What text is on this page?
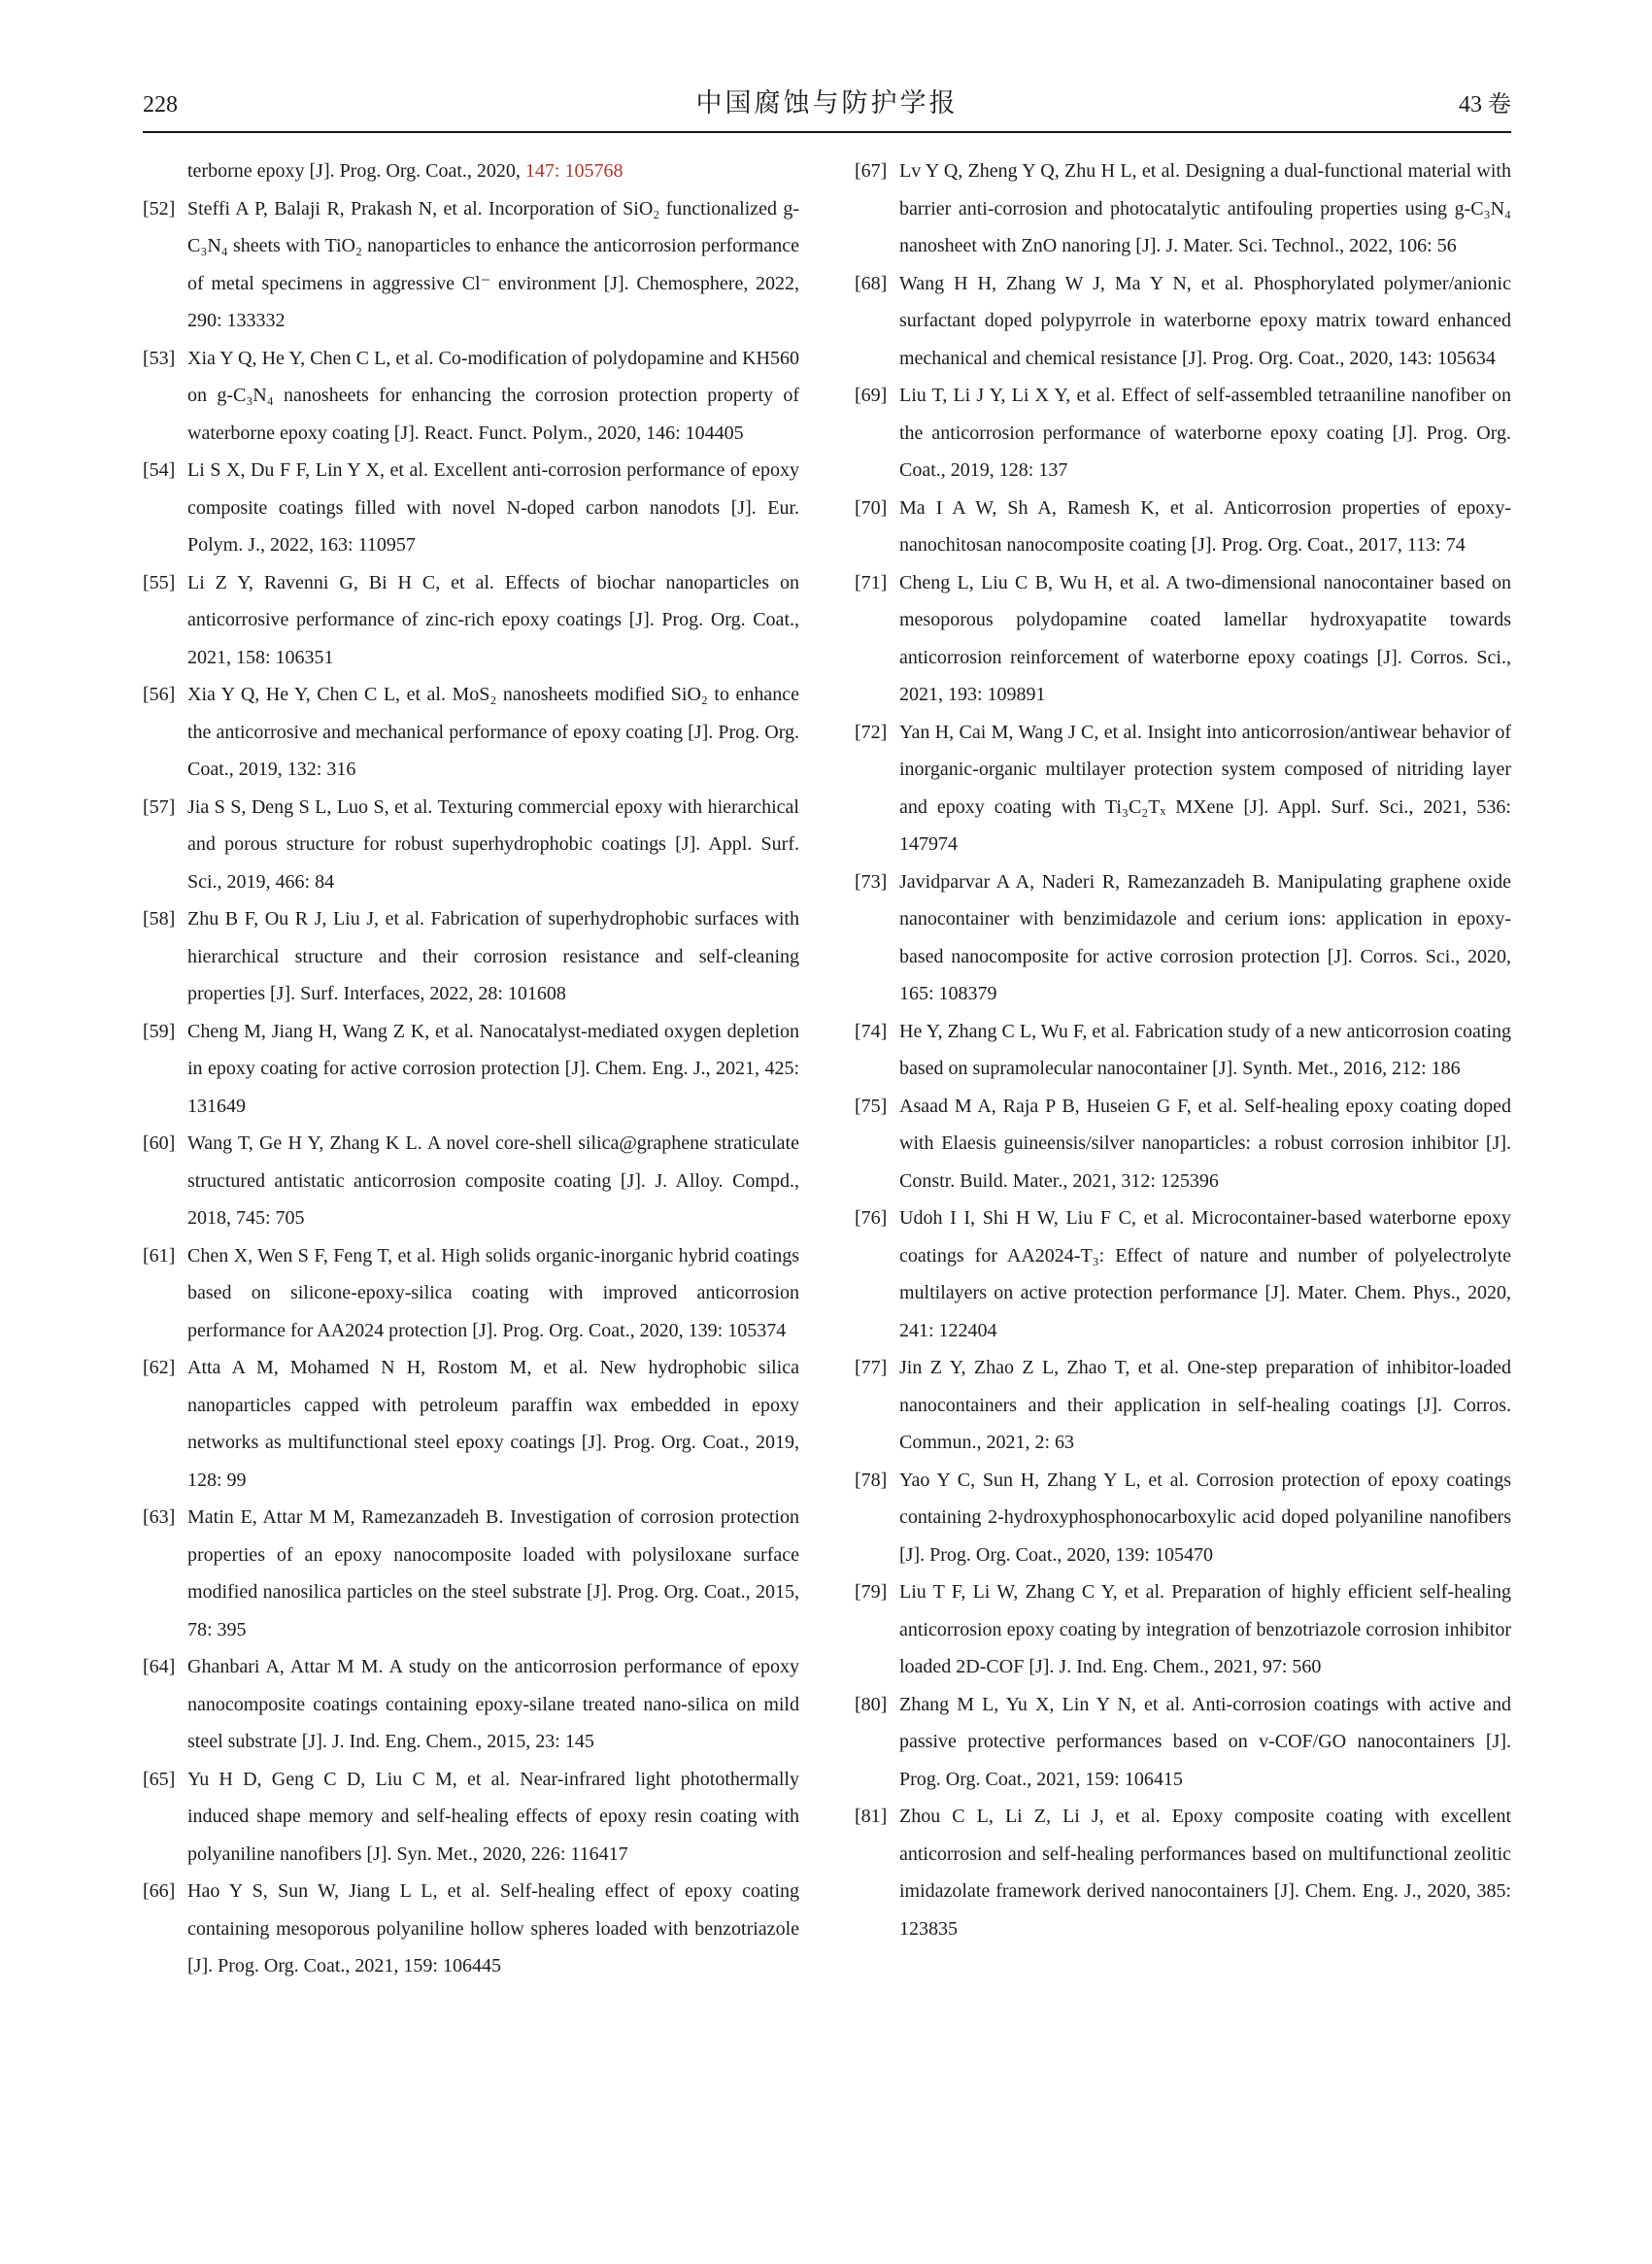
228	中国腐蚀与防护学报	43 卷
terborne epoxy [J]. Prog. Org. Coat., 2020, 147: 105768
[52] Steffi A P, Balaji R, Prakash N, et al. Incorporation of SiO₂ functionalized g-C₃N₄ sheets with TiO₂ nanoparticles to enhance the anticorrosion performance of metal specimens in aggressive Cl⁻ environment [J]. Chemosphere, 2022, 290: 133332
[53] Xia Y Q, He Y, Chen C L, et al. Co-modification of polydopamine and KH560 on g-C₃N₄ nanosheets for enhancing the corrosion protection property of waterborne epoxy coating [J]. React. Funct. Polym., 2020, 146: 104405
[54] Li S X, Du F F, Lin Y X, et al. Excellent anti-corrosion performance of epoxy composite coatings filled with novel N-doped carbon nanodots [J]. Eur. Polym. J., 2022, 163: 110957
[55] Li Z Y, Ravenni G, Bi H C, et al. Effects of biochar nanoparticles on anticorrosive performance of zinc-rich epoxy coatings [J]. Prog. Org. Coat., 2021, 158: 106351
[56] Xia Y Q, He Y, Chen C L, et al. MoS₂ nanosheets modified SiO₂ to enhance the anticorrosive and mechanical performance of epoxy coating [J]. Prog. Org. Coat., 2019, 132: 316
[57] Jia S S, Deng S L, Luo S, et al. Texturing commercial epoxy with hierarchical and porous structure for robust superhydrophobic coatings [J]. Appl. Surf. Sci., 2019, 466: 84
[58] Zhu B F, Ou R J, Liu J, et al. Fabrication of superhydrophobic surfaces with hierarchical structure and their corrosion resistance and self-cleaning properties [J]. Surf. Interfaces, 2022, 28: 101608
[59] Cheng M, Jiang H, Wang Z K, et al. Nanocatalyst-mediated oxygen depletion in epoxy coating for active corrosion protection [J]. Chem. Eng. J., 2021, 425: 131649
[60] Wang T, Ge H Y, Zhang K L. A novel core-shell silica@graphene straticulate structured antistatic anticorrosion composite coating [J]. J. Alloy. Compd., 2018, 745: 705
[61] Chen X, Wen S F, Feng T, et al. High solids organic-inorganic hybrid coatings based on silicone-epoxy-silica coating with improved anticorrosion performance for AA2024 protection [J]. Prog. Org. Coat., 2020, 139: 105374
[62] Atta A M, Mohamed N H, Rostom M, et al. New hydrophobic silica nanoparticles capped with petroleum paraffin wax embedded in epoxy networks as multifunctional steel epoxy coatings [J]. Prog. Org. Coat., 2019, 128: 99
[63] Matin E, Attar M M, Ramezanzadeh B. Investigation of corrosion protection properties of an epoxy nanocomposite loaded with polysiloxane surface modified nanosilica particles on the steel substrate [J]. Prog. Org. Coat., 2015, 78: 395
[64] Ghanbari A, Attar M M. A study on the anticorrosion performance of epoxy nanocomposite coatings containing epoxy-silane treated nano-silica on mild steel substrate [J]. J. Ind. Eng. Chem., 2015, 23: 145
[65] Yu H D, Geng C D, Liu C M, et al. Near-infrared light photothermally induced shape memory and self-healing effects of epoxy resin coating with polyaniline nanofibers [J]. Syn. Met., 2020, 226: 116417
[66] Hao Y S, Sun W, Jiang L L, et al. Self-healing effect of epoxy coating containing mesoporous polyaniline hollow spheres loaded with benzotriazole [J]. Prog. Org. Coat., 2021, 159: 106445
[67] Lv Y Q, Zheng Y Q, Zhu H L, et al. Designing a dual-functional material with barrier anti-corrosion and photocatalytic antifouling properties using g-C₃N₄ nanosheet with ZnO nanoring [J]. J. Mater. Sci. Technol., 2022, 106: 56
[68] Wang H H, Zhang W J, Ma Y N, et al. Phosphorylated polymer/anionic surfactant doped polypyrrole in waterborne epoxy matrix toward enhanced mechanical and chemical resistance [J]. Prog. Org. Coat., 2020, 143: 105634
[69] Liu T, Li J Y, Li X Y, et al. Effect of self-assembled tetraaniline nanofiber on the anticorrosion performance of waterborne epoxy coating [J]. Prog. Org. Coat., 2019, 128: 137
[70] Ma I A W, Sh A, Ramesh K, et al. Anticorrosion properties of epoxy-nanochitosan nanocomposite coating [J]. Prog. Org. Coat., 2017, 113: 74
[71] Cheng L, Liu C B, Wu H, et al. A two-dimensional nanocontainer based on mesoporous polydopamine coated lamellar hydroxyapatite towards anticorrosion reinforcement of waterborne epoxy coatings [J]. Corros. Sci., 2021, 193: 109891
[72] Yan H, Cai M, Wang J C, et al. Insight into anticorrosion/antiwear behavior of inorganic-organic multilayer protection system composed of nitriding layer and epoxy coating with Ti₃C₂Tₓ MXene [J]. Appl. Surf. Sci., 2021, 536: 147974
[73] Javidparvar A A, Naderi R, Ramezanzadeh B. Manipulating graphene oxide nanocontainer with benzimidazole and cerium ions: application in epoxy-based nanocomposite for active corrosion protection [J]. Corros. Sci., 2020, 165: 108379
[74] He Y, Zhang C L, Wu F, et al. Fabrication study of a new anticorrosion coating based on supramolecular nanocontainer [J]. Synth. Met., 2016, 212: 186
[75] Asaad M A, Raja P B, Huseien G F, et al. Self-healing epoxy coating doped with Elaesis guineensis/silver nanoparticles: a robust corrosion inhibitor [J]. Constr. Build. Mater., 2021, 312: 125396
[76] Udoh I I, Shi H W, Liu F C, et al. Microcontainer-based waterborne epoxy coatings for AA2024-T₃: Effect of nature and number of polyelectrolyte multilayers on active protection performance [J]. Mater. Chem. Phys., 2020, 241: 122404
[77] Jin Z Y, Zhao Z L, Zhao T, et al. One-step preparation of inhibitor-loaded nanocontainers and their application in self-healing coatings [J]. Corros. Commun., 2021, 2: 63
[78] Yao Y C, Sun H, Zhang Y L, et al. Corrosion protection of epoxy coatings containing 2-hydroxyphosphonocarboxylic acid doped polyaniline nanofibers [J]. Prog. Org. Coat., 2020, 139: 105470
[79] Liu T F, Li W, Zhang C Y, et al. Preparation of highly efficient self-healing anticorrosion epoxy coating by integration of benzotriazole corrosion inhibitor loaded 2D-COF [J]. J. Ind. Eng. Chem., 2021, 97: 560
[80] Zhang M L, Yu X, Lin Y N, et al. Anti-corrosion coatings with active and passive protective performances based on v-COF/GO nanocontainers [J]. Prog. Org. Coat., 2021, 159: 106415
[81] Zhou C L, Li Z, Li J, et al. Epoxy composite coating with excellent anticorrosion and self-healing performances based on multifunctional zeolitic imidazolate framework derived nanocontainers [J]. Chem. Eng. J., 2020, 385: 123835
